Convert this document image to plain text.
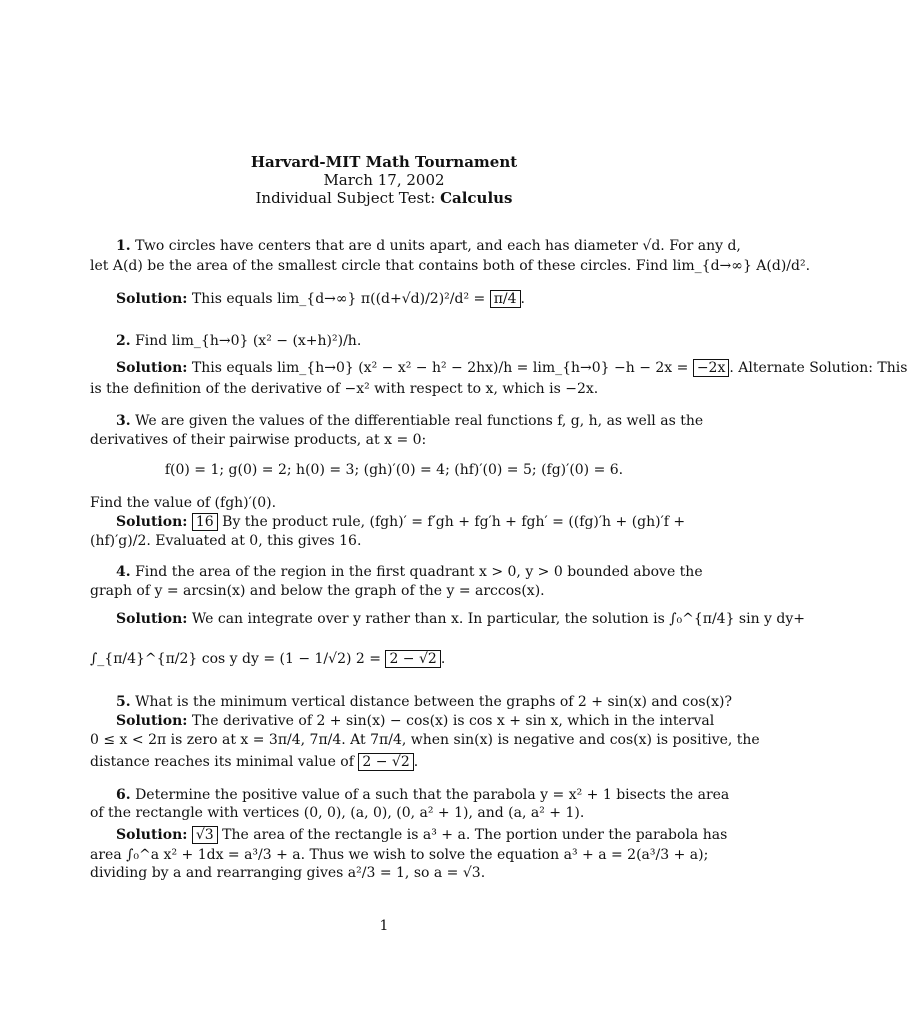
Harvard-MIT Math Tournament
March 17, 2002
Individual Subject Test: Calculus
1. Two circles have centers that are d units apart, and each has diameter √d. For any d,
let A(d) be the area of the smallest circle that contains both of these circles. Find lim_{d→∞} A(d)/d².
Solution: This equals lim_{d→∞} π((d+√d)/2)²/d² = π/4 .
2. Find lim_{h→0} (x² − (x+h)²)/h.
Solution: This equals lim_{h→0} (x² − x² − h² − 2hx)/h = lim_{h→0} −h − 2x = −2x . Alternate Solution: This
is the definition of the derivative of −x² with respect to x, which is −2x.
3. We are given the values of the differentiable real functions f, g, h, as well as the
derivatives of their pairwise products, at x = 0:
f(0) = 1; g(0) = 2; h(0) = 3; (gh)′(0) = 4; (hf)′(0) = 5; (fg)′(0) = 6.
Find the value of (fgh)′(0).
Solution: 16 By the product rule, (fgh)′ = f′gh + fg′h + fgh′ = ((fg)′h + (gh)′f +
(hf)′g)/2. Evaluated at 0, this gives 16.
4. Find the area of the region in the first quadrant x > 0, y > 0 bounded above the
graph of y = arcsin(x) and below the graph of the y = arccos(x).
Solution: We can integrate over y rather than x. In particular, the solution is ∫₀^{π/4} sin y dy+
∫_{π/4}^{π/2} cos y dy = (1 − 1/√2) 2 = 2 − √2 .
5. What is the minimum vertical distance between the graphs of 2 + sin(x) and cos(x)?
Solution: The derivative of 2 + sin(x) − cos(x) is cos x + sin x, which in the interval
0 ≤ x < 2π is zero at x = 3π/4, 7π/4. At 7π/4, when sin(x) is negative and cos(x) is positive, the
distance reaches its minimal value of 2 − √2 .
6. Determine the positive value of a such that the parabola y = x² + 1 bisects the area
of the rectangle with vertices (0, 0), (a, 0), (0, a² + 1), and (a, a² + 1).
Solution: √3 The area of the rectangle is a³ + a. The portion under the parabola has
area ∫₀^a x² + 1dx = a³/3 + a. Thus we wish to solve the equation a³ + a = 2(a³/3 + a);
dividing by a and rearranging gives a²/3 = 1, so a = √3.
1
